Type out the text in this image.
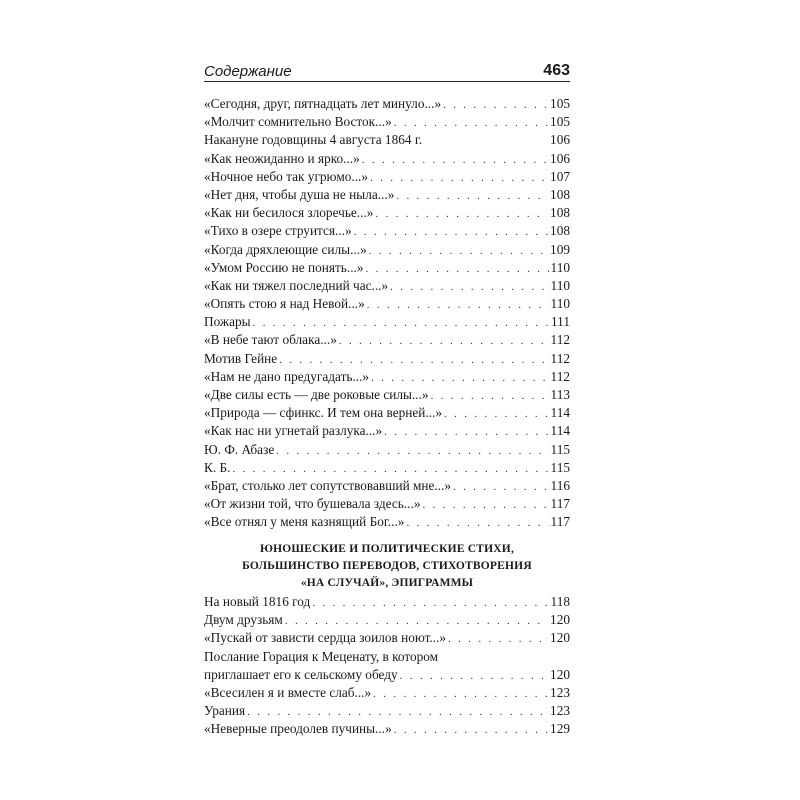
Содержание	463
«Сегодня, друг, пятнадцать лет минуло...» . . .	105
«Молчит сомнительно Восток...» . . .	105
Накануне годовщины 4 августа 1864 г.	106
«Как неожиданно и ярко...» . . .	106
«Ночное небо так угрюмо...» . . .	107
«Нет дня, чтобы душа не ныла...» . . .	108
«Как ни бесилося злоречье...» . . .	108
«Тихо в озере струится...» . . .	108
«Когда дряхлеющие силы...» . . .	109
«Умом Россию не понять...» . . .	110
«Как ни тяжел последний час...» . . .	110
«Опять стою я над Невой...» . . .	110
Пожары . . .	111
«В небе тают облака...» . . .	112
Мотив Гейне . . .	112
«Нам не дано предугадать...» . . .	112
«Две силы есть — две роковые силы...» . . .	113
«Природа — сфинкс. И тем она верней...» . . .	114
«Как нас ни угнетай разлука...» . . .	114
Ю. Ф. Абазе . . .	115
К. Б. . . .	115
«Брат, столько лет сопутствовавший мне...» . . .	116
«От жизни той, что бушевала здесь...» . . .	117
«Все отнял у меня казнящий Бог...» . . .	117
ЮНОШЕСКИЕ И ПОЛИТИЧЕСКИЕ СТИХИ,
БОЛЬШИНСТВО ПЕРЕВОДОВ, СТИХОТВОРЕНИЯ
«НА СЛУЧАЙ», ЭПИГРАММЫ
На новый 1816 год . . .	118
Двум друзьям . . .	120
«Пускай от зависти сердца зоилов ноют...» . . .	120
Послание Горация к Меценату, в котором
приглашает его к сельскому обеду . . .	120
«Всесилен я и вместе слаб...» . . .	123
Урания . . .	123
«Неверные преодолев пучины...» . . .	129
